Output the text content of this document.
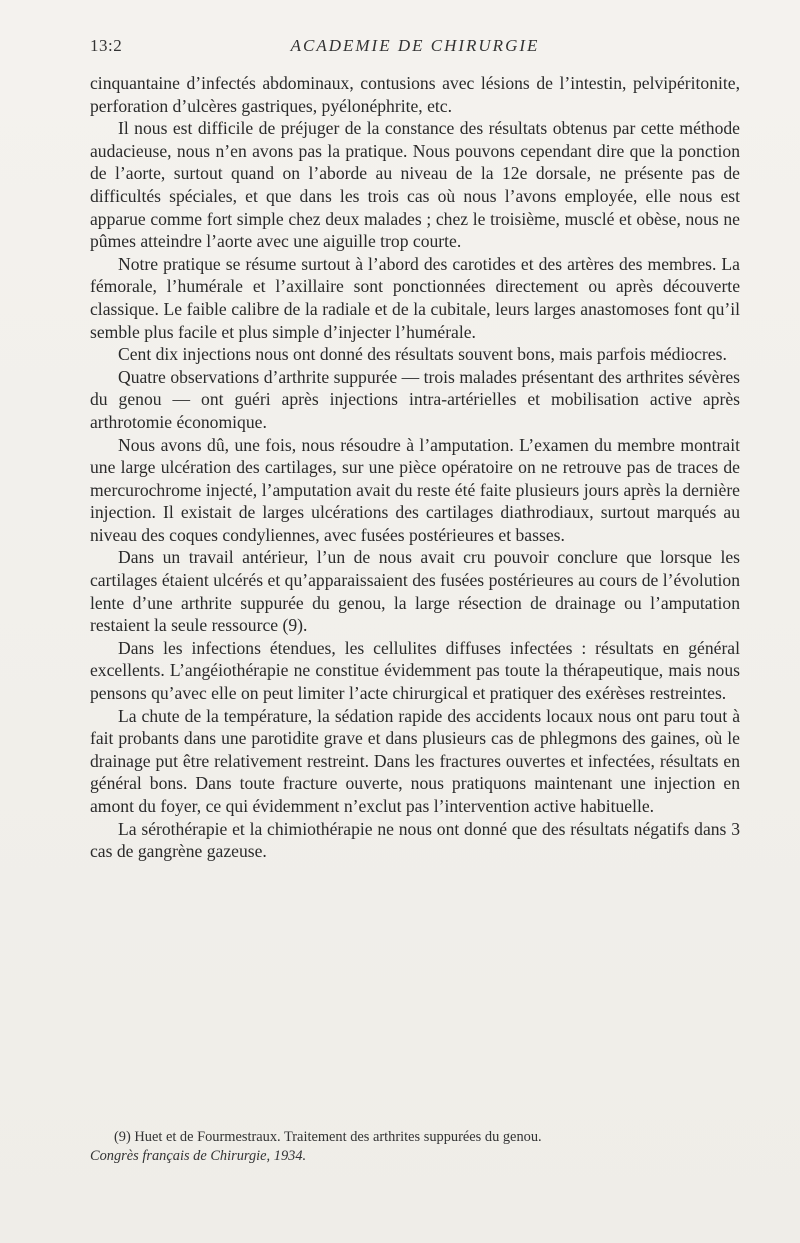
13:2	ACADEMIE DE CHIRURGIE

cinquantaine d’infectés abdominaux, contusions avec lésions de l’intestin, pelvipéritonite, perforation d’ulcères gastriques, pyélonéphrite, etc.

Il nous est difficile de préjuger de la constance des résultats obtenus par cette méthode audacieuse, nous n’en avons pas la pratique. Nous pouvons cependant dire que la ponction de l’aorte, surtout quand on l’aborde au niveau de la 12e dorsale, ne présente pas de difficultés spéciales, et que dans les trois cas où nous l’avons employée, elle nous est apparue comme fort simple chez deux malades ; chez le troisième, musclé et obèse, nous ne pûmes atteindre l’aorte avec une aiguille trop courte.

Notre pratique se résume surtout à l’abord des carotides et des artères des membres. La fémorale, l’humérale et l’axillaire sont ponctionnées directement ou après découverte classique. Le faible calibre de la radiale et de la cubitale, leurs larges anastomoses font qu’il semble plus facile et plus simple d’injecter l’humérale.

Cent dix injections nous ont donné des résultats souvent bons, mais parfois médiocres.

Quatre observations d’arthrite suppurée — trois malades présentant des arthrites sévères du genou — ont guéri après injections intra-artérielles et mobilisation active après arthrotomie économique.

Nous avons dû, une fois, nous résoudre à l’amputation. L’examen du membre montrait une large ulcération des cartilages, sur une pièce opératoire on ne retrouve pas de traces de mercurochrome injecté, l’amputation avait du reste été faite plusieurs jours après la dernière injection. Il existait de larges ulcérations des cartilages diathrodiaux, surtout marqués au niveau des coques condyliennes, avec fusées postérieures et basses.

Dans un travail antérieur, l’un de nous avait cru pouvoir conclure que lorsque les cartilages étaient ulcérés et qu’apparaissaient des fusées postérieures au cours de l’évolution lente d’une arthrite suppurée du genou, la large résection de drainage ou l’amputation restaient la seule ressource (9).

Dans les infections étendues, les cellulites diffuses infectées : résultats en général excellents. L’angéiothérapie ne constitue évidemment pas toute la thérapeutique, mais nous pensons qu’avec elle on peut limiter l’acte chirurgical et pratiquer des exérèses restreintes.

La chute de la température, la sédation rapide des accidents locaux nous ont paru tout à fait probants dans une parotidite grave et dans plusieurs cas de phlegmons des gaines, où le drainage put être relativement restreint. Dans les fractures ouvertes et infectées, résultats en général bons. Dans toute fracture ouverte, nous pratiquons maintenant une injection en amont du foyer, ce qui évidemment n’exclut pas l’intervention active habituelle.

La sérothérapie et la chimiothérapie ne nous ont donné que des résultats négatifs dans 3 cas de gangrène gazeuse.

(9) Huet et de Fourmestraux. Traitement des arthrites suppurées du genou.
Congrès français de Chirurgie, 1934.
